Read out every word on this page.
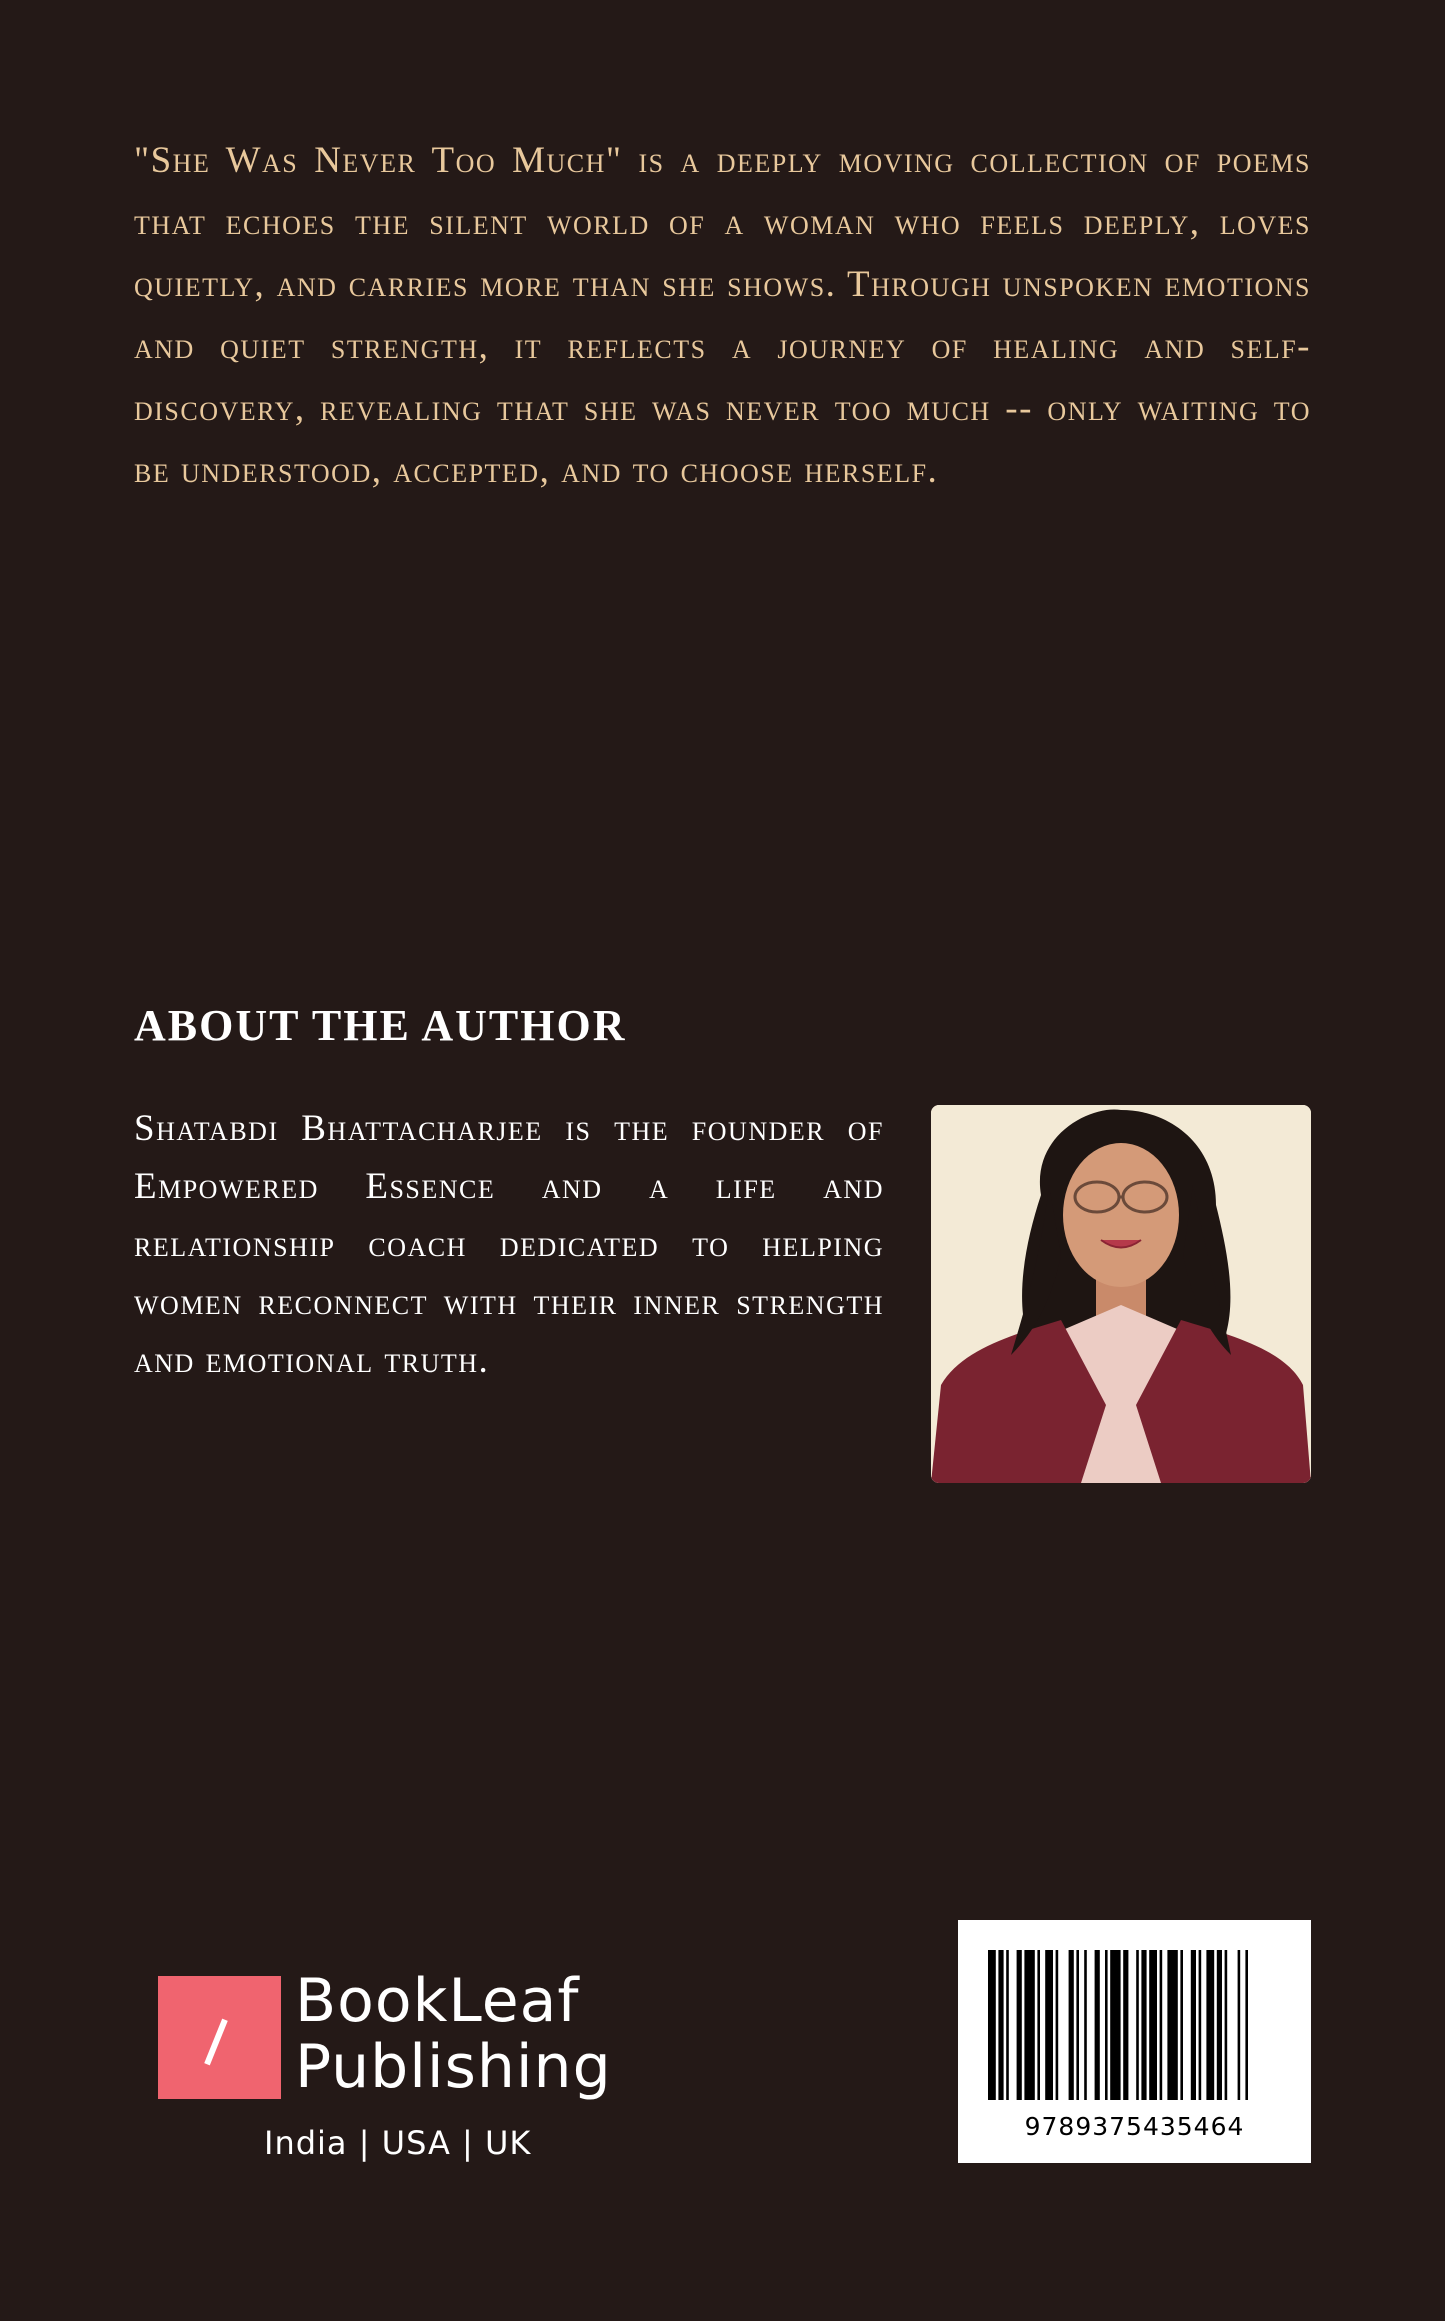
"She Was Never Too Much" is a deeply moving collection of poems that echoes the silent world of a woman who feels deeply, loves quietly, and carries more than she shows. Through unspoken emotions and quiet strength, it reflects a journey of healing and self-discovery, revealing that she was never too much -- only waiting to be understood, accepted, and to choose herself.

ABOUT THE AUTHOR

Shatabdi Bhattacharjee is the founder of Empowered Essence and a life and relationship coach dedicated to helping women reconnect with their inner strength and emotional truth.

BookLeaf
Publishing
India | USA | UK	9789375435464
